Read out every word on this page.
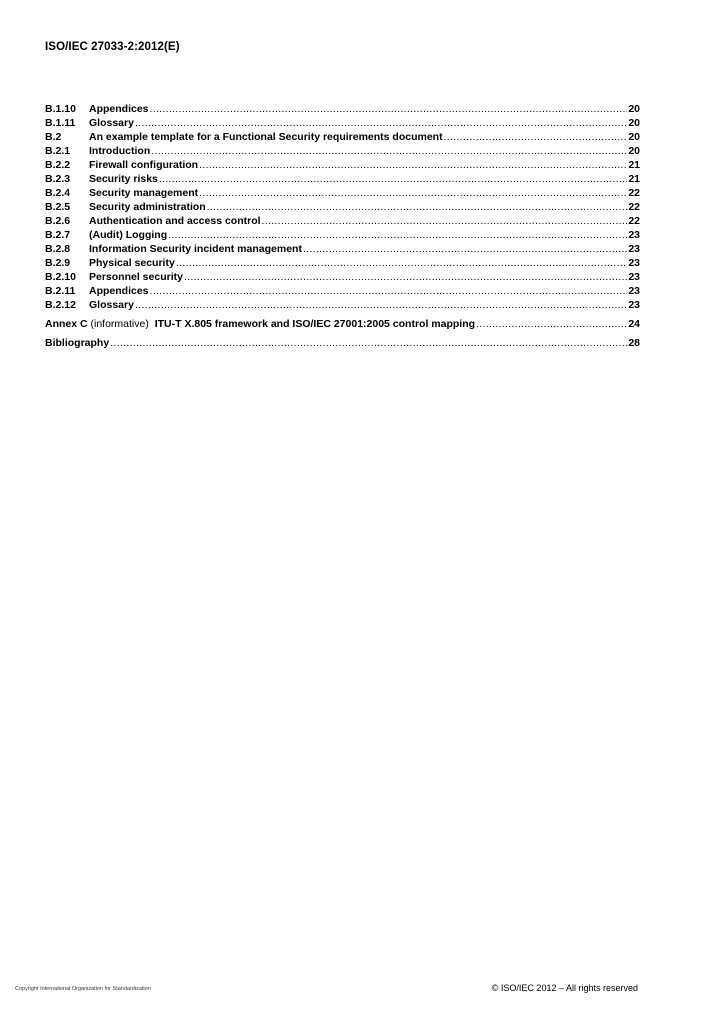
ISO/IEC 27033-2:2012(E)
B.1.10	Appendices .....	20
B.1.11	Glossary .....	20
B.2	An example template for a Functional Security requirements document .....	20
B.2.1	Introduction .....	20
B.2.2	Firewall configuration .....	21
B.2.3	Security risks .....	21
B.2.4	Security management .....	22
B.2.5	Security administration .....	22
B.2.6	Authentication and access control .....	22
B.2.7	(Audit) Logging .....	23
B.2.8	Information Security incident management .....	23
B.2.9	Physical security .....	23
B.2.10	Personnel security .....	23
B.2.11	Appendices .....	23
B.2.12	Glossary .....	23
Annex C (informative)  ITU-T X.805 framework and ISO/IEC 27001:2005 control mapping .....	24
Bibliography .....	28
Copyright International Organization for Standardization	© ISO/IEC 2012 – All rights reserved
